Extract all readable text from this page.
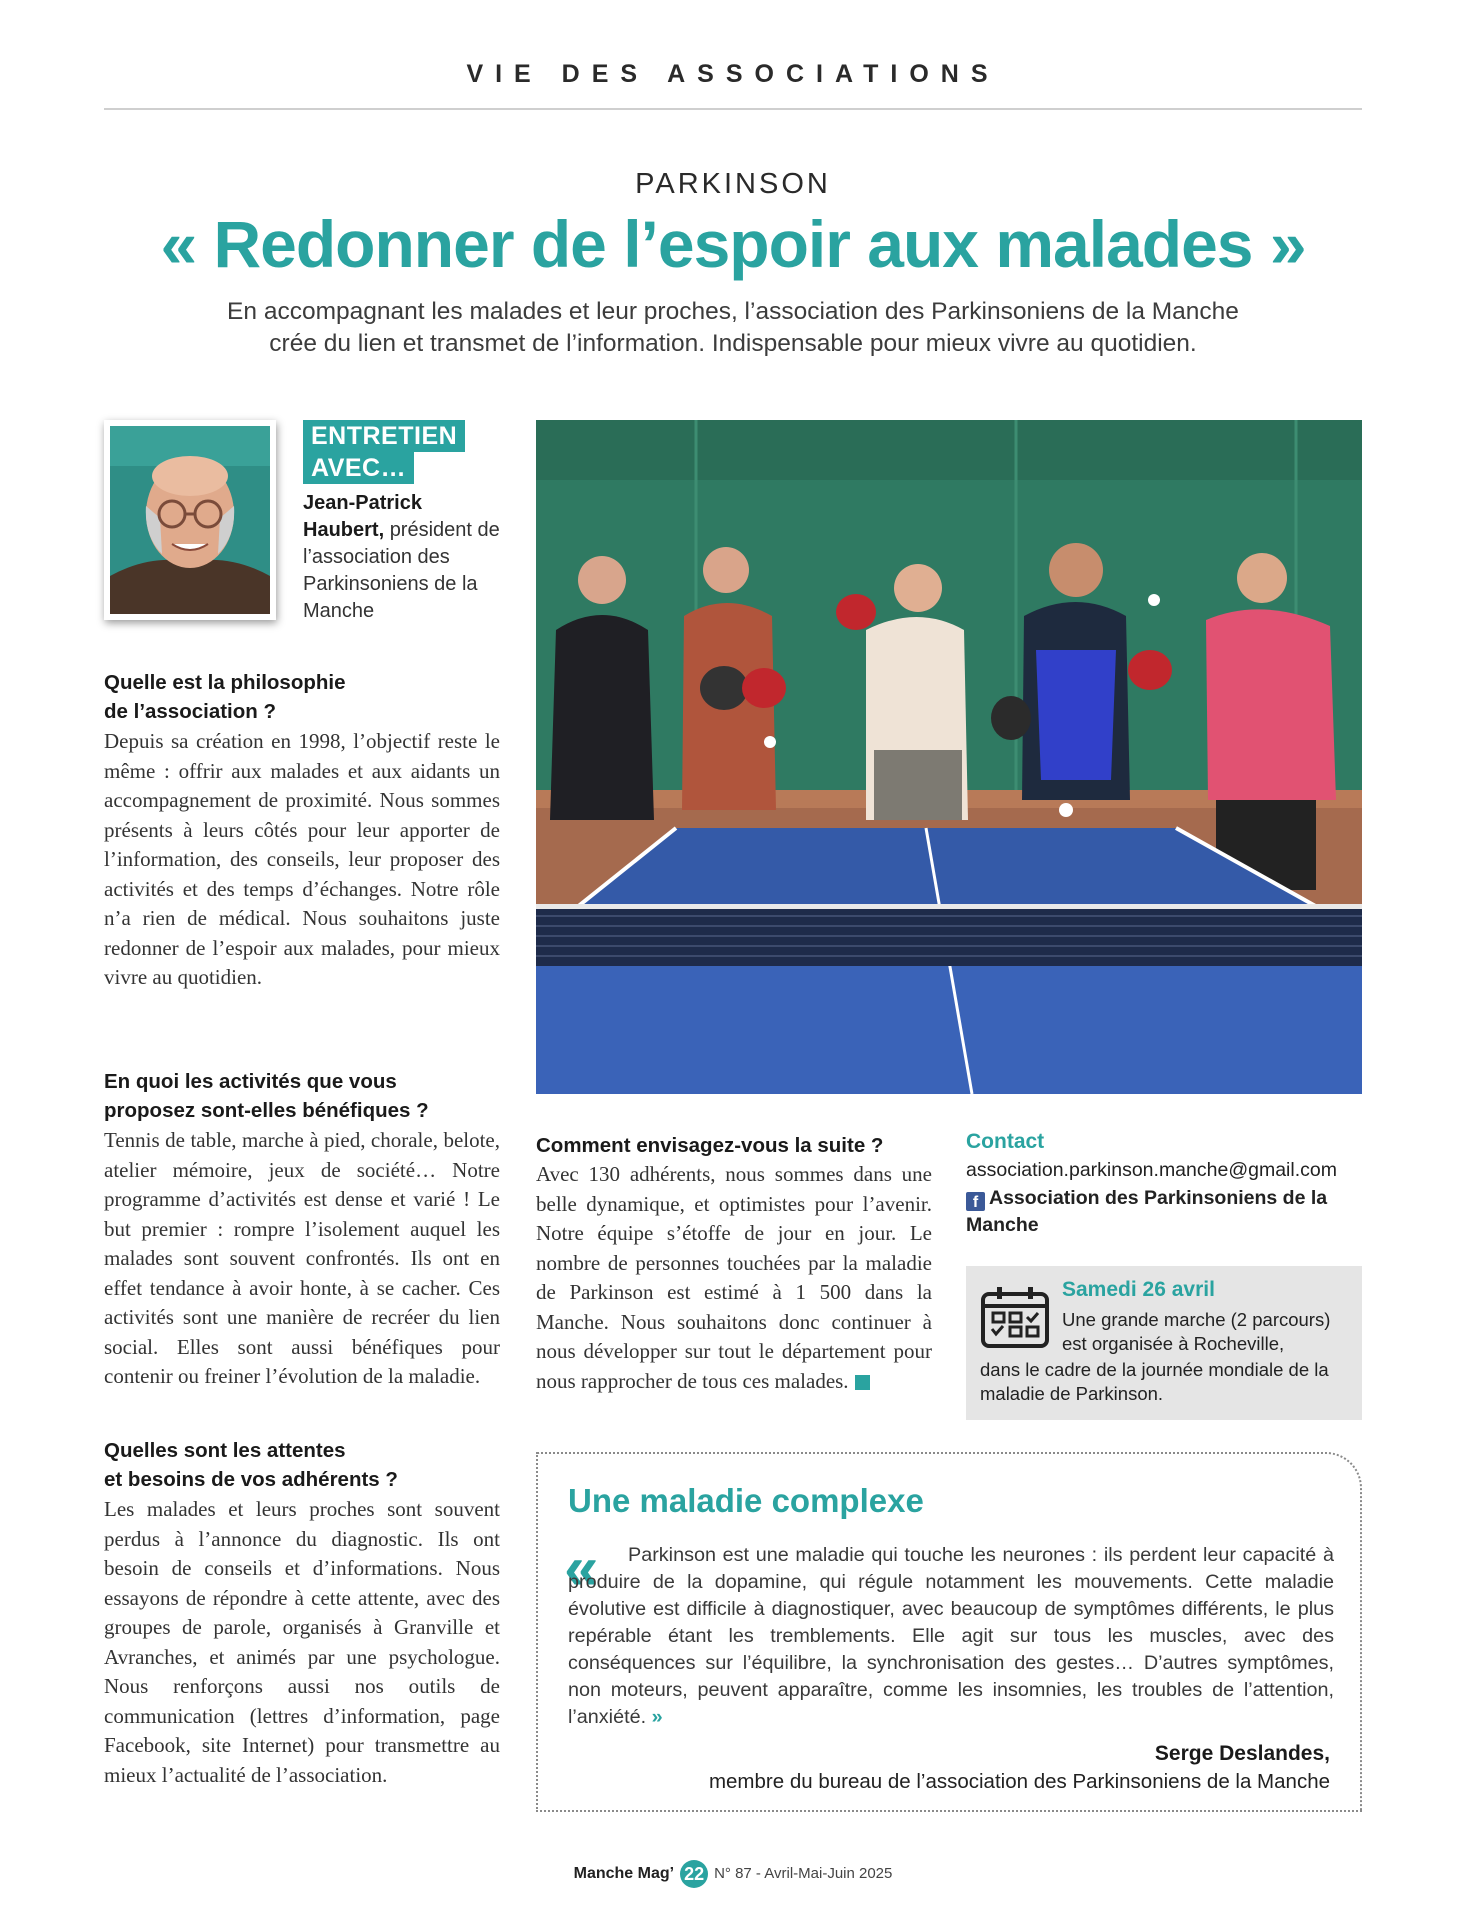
VIE DES ASSOCIATIONS
PARKINSON
« Redonner de l’espoir aux malades »
En accompagnant les malades et leur proches, l’association des Parkinsoniens de la Manche
crée du lien et transmet de l’information. Indispensable pour mieux vivre au quotidien.
ENTRETIEN
AVEC…
Jean-Patrick Haubert, président de l’association des Parkinsoniens de la Manche
Quelle est la philosophie
de l’association ?
Depuis sa création en 1998, l’objectif reste le même : offrir aux malades et aux aidants un accompagnement de proximité. Nous sommes présents à leurs côtés pour leur apporter de l’information, des conseils, leur proposer des activités et des temps d’échanges. Notre rôle n’a rien de médical. Nous souhaitons juste redonner de l’espoir aux malades, pour mieux vivre au quotidien.
En quoi les activités que vous
proposez sont-elles bénéfiques ?
Tennis de table, marche à pied, chorale, belote, atelier mémoire, jeux de société… Notre programme d’activités est dense et varié ! Le but premier : rompre l’isolement auquel les malades sont souvent confrontés. Ils ont en effet tendance à avoir honte, à se cacher. Ces activités sont une manière de recréer du lien social. Elles sont aussi bénéfiques pour contenir ou freiner l’évolution de la maladie.
Quelles sont les attentes
et besoins de vos adhérents ?
Les malades et leurs proches sont souvent perdus à l’annonce du diagnostic. Ils ont besoin de conseils et d’informations. Nous essayons de répondre à cette attente, avec des groupes de parole, organisés à Granville et Avranches, et animés par une psychologue. Nous renforçons aussi nos outils de communication (lettres d’information, page Facebook, site Internet) pour transmettre au mieux l’actualité de l’association.
Comment envisagez-vous la suite ?
Avec 130 adhérents, nous sommes dans une belle dynamique, et optimistes pour l’avenir. Notre équipe s’étoffe de jour en jour. Le nombre de personnes touchées par la maladie de Parkinson est estimé à 1 500 dans la Manche. Nous souhaitons donc continuer à nous développer sur tout le département pour nous rapprocher de tous ces malades.
Contact
association.parkinson.manche@gmail.com
f Association des Parkinsoniens de la Manche
Samedi 26 avril
Une grande marche (2 parcours)
est organisée à Rocheville,
dans le cadre de la journée mondiale de la maladie de Parkinson.
Une maladie complexe
«	Parkinson est une maladie qui touche les neurones : ils perdent leur capacité à produire de la dopamine, qui régule notamment les mouvements. Cette maladie évolutive est difficile à diagnostiquer, avec beaucoup de symptômes différents, le plus repérable étant les tremblements. Elle agit sur tous les muscles, avec des conséquences sur l’équilibre, la synchronisation des gestes… D’autres symptômes, non moteurs, peuvent apparaître, comme les insomnies, les troubles de l’attention, l’anxiété. »
Serge Deslandes,
membre du bureau de l’association des Parkinsoniens de la Manche
Manche Mag’ 22 N° 87 - Avril-Mai-Juin 2025
